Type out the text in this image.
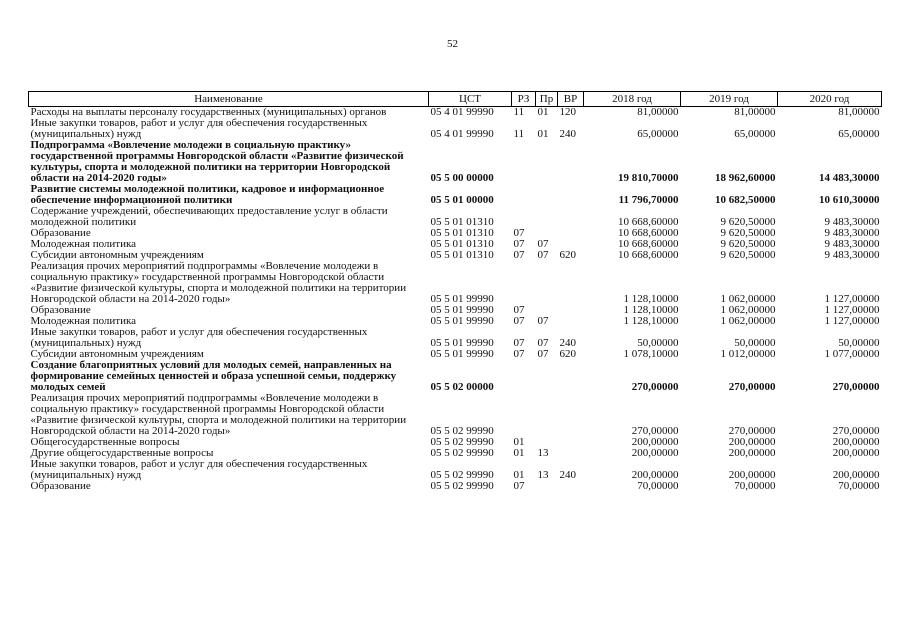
52
Наименование	ЦСТ	РЗ	Пр	ВР	2018 год	2019 год	2020 год
Расходы на выплаты персоналу государственных (муниципальных) органов	05 4 01 99990	11	01	120	81,00000	81,00000	81,00000
Иные закупки товаров, работ и услуг для обеспечения государственных (муниципальных) нужд	05 4 01 99990	11	01	240	65,00000	65,00000	65,00000
Подпрограмма «Вовлечение молодежи в социальную практику» государственной программы Новгородской области «Развитие физической культуры, спорта и молодежной политики на территории Новгородской области на 2014-2020 годы»	05 5 00 00000				19 810,70000	18 962,60000	14 483,30000
Развитие системы молодежной политики, кадровое и информационное обеспечение информационной политики	05 5 01 00000				11 796,70000	10 682,50000	10 610,30000
Содержание учреждений, обеспечивающих предоставление услуг в области молодежной политики	05 5 01 01310				10 668,60000	9 620,50000	9 483,30000
Образование	05 5 01 01310	07			10 668,60000	9 620,50000	9 483,30000
Молодежная политика	05 5 01 01310	07	07		10 668,60000	9 620,50000	9 483,30000
Субсидии автономным учреждениям	05 5 01 01310	07	07	620	10 668,60000	9 620,50000	9 483,30000
Реализация прочих мероприятий подпрограммы «Вовлечение молодежи в социальную практику» государственной программы Новгородской области «Развитие физической культуры, спорта и молодежной политики на территории Новгородской области на 2014-2020 годы»	05 5 01 99990				1 128,10000	1 062,00000	1 127,00000
Образование	05 5 01 99990	07			1 128,10000	1 062,00000	1 127,00000
Молодежная политика	05 5 01 99990	07	07		1 128,10000	1 062,00000	1 127,00000
Иные закупки товаров, работ и услуг для обеспечения государственных (муниципальных) нужд	05 5 01 99990	07	07	240	50,00000	50,00000	50,00000
Субсидии автономным учреждениям	05 5 01 99990	07	07	620	1 078,10000	1 012,00000	1 077,00000
Создание благоприятных условий для молодых семей, направленных на формирование семейных ценностей и образа успешной семьи, поддержку молодых семей	05 5 02 00000				270,00000	270,00000	270,00000
Реализация прочих мероприятий подпрограммы «Вовлечение молодежи в социальную практику» государственной программы Новгородской области «Развитие физической культуры, спорта и молодежной политики на территории Новгородской области на 2014-2020 годы»	05 5 02 99990				270,00000	270,00000	270,00000
Общегосударственные вопросы	05 5 02 99990	01			200,00000	200,00000	200,00000
Другие общегосударственные вопросы	05 5 02 99990	01	13		200,00000	200,00000	200,00000
Иные закупки товаров, работ и услуг для обеспечения государственных (муниципальных) нужд	05 5 02 99990	01	13	240	200,00000	200,00000	200,00000
Образование	05 5 02 99990	07			70,00000	70,00000	70,00000
